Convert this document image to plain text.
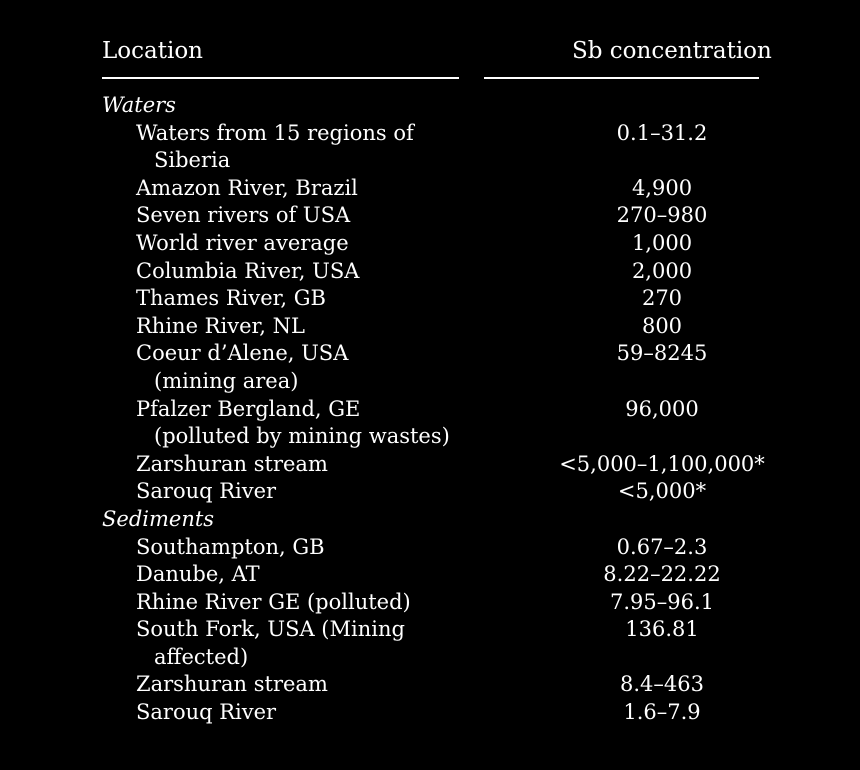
Location	Sb concentration
Waters
Waters from 15 regions of	0.1–31.2
Siberia
Amazon River, Brazil	4,900
Seven rivers of USA	270–980
World river average	1,000
Columbia River, USA	2,000
Thames River, GB	270
Rhine River, NL	800
Coeur d’Alene, USA	59–8245
(mining area)
Pfalzer Bergland, GE	96,000
(polluted by mining wastes)
Zarshuran stream	<5,000–1,100,000*
Sarouq River	<5,000*
Sediments
Southampton, GB	0.67–2.3
Danube, AT	8.22–22.22
Rhine River GE (polluted)	7.95–96.1
South Fork, USA (Mining	136.81
affected)
Zarshuran stream	8.4–463
Sarouq River	1.6–7.9
